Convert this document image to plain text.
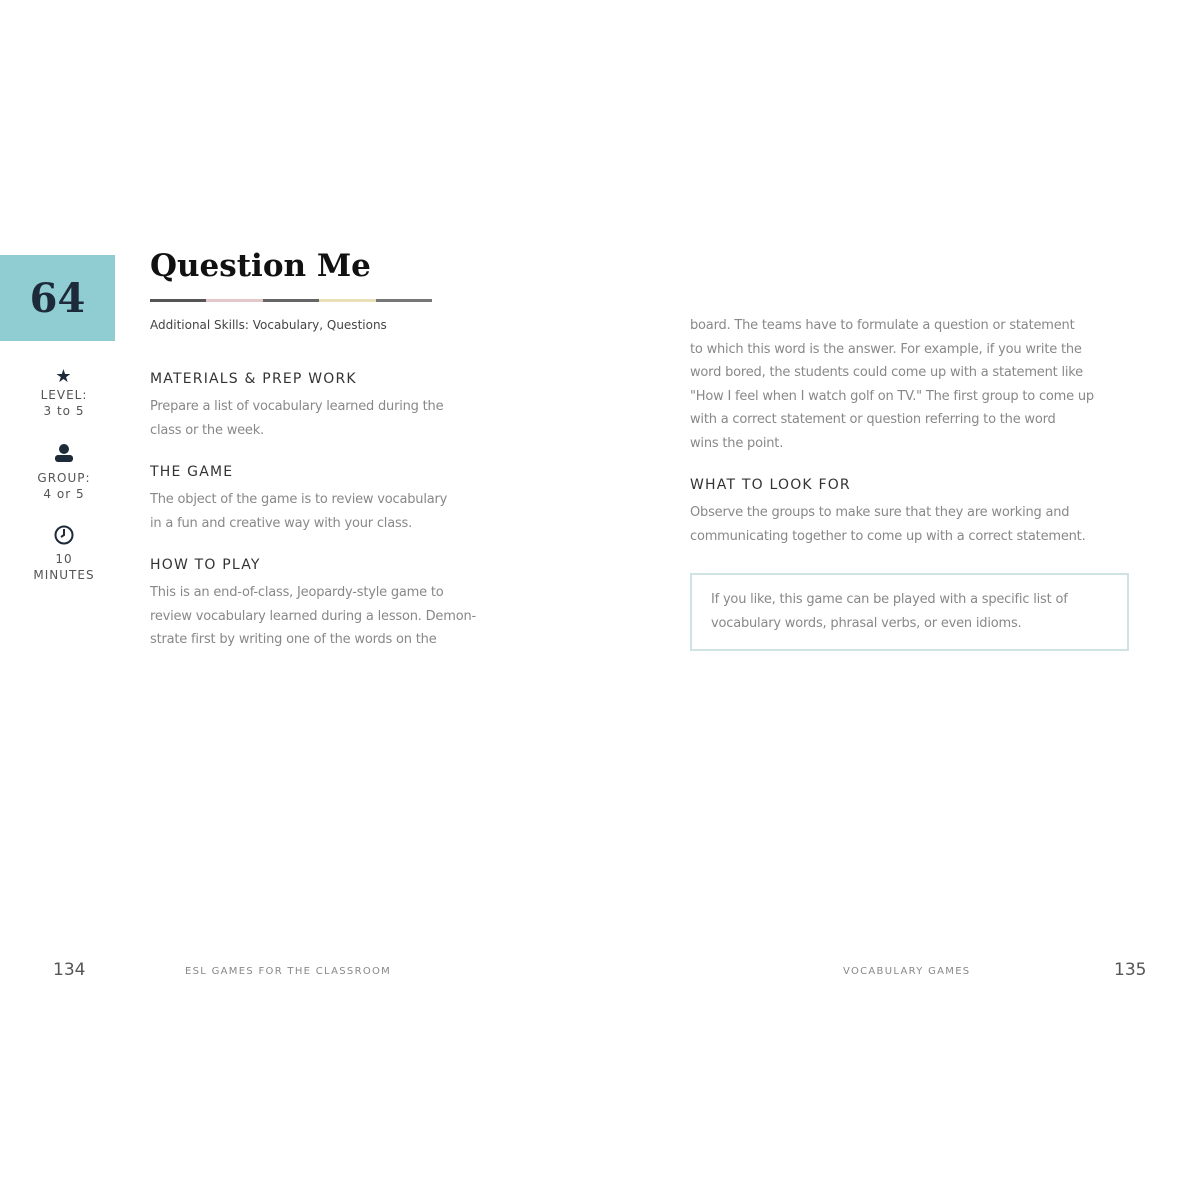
64
Question Me
Additional Skills: Vocabulary, Questions
★
LEVEL:
3 to 5
GROUP:
4 or 5
10
MINUTES
MATERIALS & PREP WORK
Prepare a list of vocabulary learned during the
class or the week.
THE GAME
The object of the game is to review vocabulary
in a fun and creative way with your class.
HOW TO PLAY
This is an end-of-class, Jeopardy-style game to
review vocabulary learned during a lesson. Demon-
strate first by writing one of the words on the
board. The teams have to formulate a question or statement
to which this word is the answer. For example, if you write the
word bored, the students could come up with a statement like
"How I feel when I watch golf on TV." The first group to come up
with a correct statement or question referring to the word
wins the point.
WHAT TO LOOK FOR
Observe the groups to make sure that they are working and
communicating together to come up with a correct statement.
If you like, this game can be played with a specific list of
vocabulary words, phrasal verbs, or even idioms.
134	ESL GAMES FOR THE CLASSROOM	VOCABULARY GAMES	135
